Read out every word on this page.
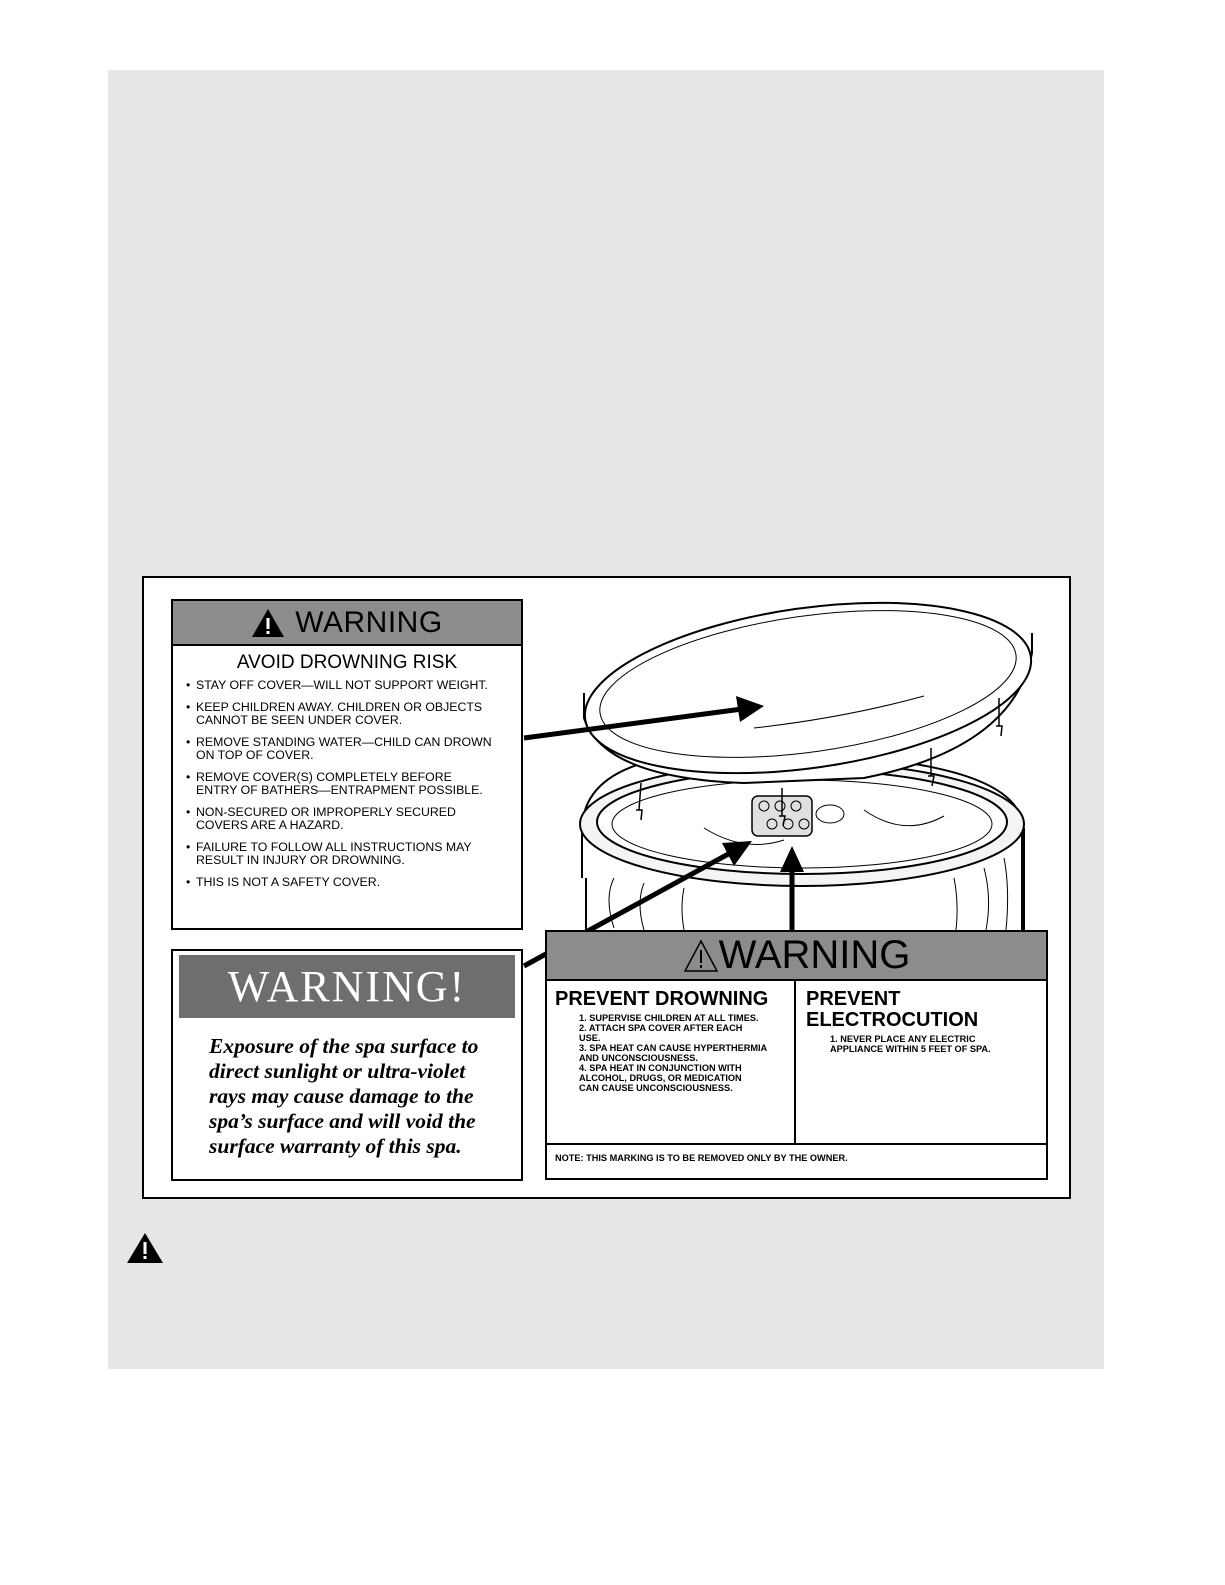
WARNING
AVOID DROWNING RISK
• STAY OFF COVER—WILL NOT SUPPORT WEIGHT.
• KEEP CHILDREN AWAY. CHILDREN OR OBJECTS
CANNOT BE SEEN UNDER COVER.
• REMOVE STANDING WATER—CHILD CAN DROWN
ON TOP OF COVER.
• REMOVE COVER(S) COMPLETELY BEFORE
ENTRY OF BATHERS—ENTRAPMENT POSSIBLE.
• NON-SECURED OR IMPROPERLY SECURED
COVERS ARE A HAZARD.
• FAILURE TO FOLLOW ALL INSTRUCTIONS MAY
RESULT IN INJURY OR DROWNING.
• THIS IS NOT A SAFETY COVER.
WARNING!
Exposure of the spa surface to
direct sunlight or ultra-violet
rays may cause damage to the
spa’s surface and will void the
surface warranty of this spa.
WARNING
PREVENT DROWNING
1. SUPERVISE CHILDREN AT ALL TIMES.
2. ATTACH SPA COVER AFTER EACH
USE.
3. SPA HEAT CAN CAUSE HYPERTHERMIA
AND UNCONSCIOUSNESS.
4. SPA HEAT IN CONJUNCTION WITH
ALCOHOL, DRUGS, OR MEDICATION
CAN CAUSE UNCONSCIOUSNESS.
PREVENT
ELECTROCUTION
1. NEVER PLACE ANY ELECTRIC
APPLIANCE WITHIN 5 FEET OF SPA.
NOTE: THIS MARKING IS TO BE REMOVED ONLY BY THE OWNER.
